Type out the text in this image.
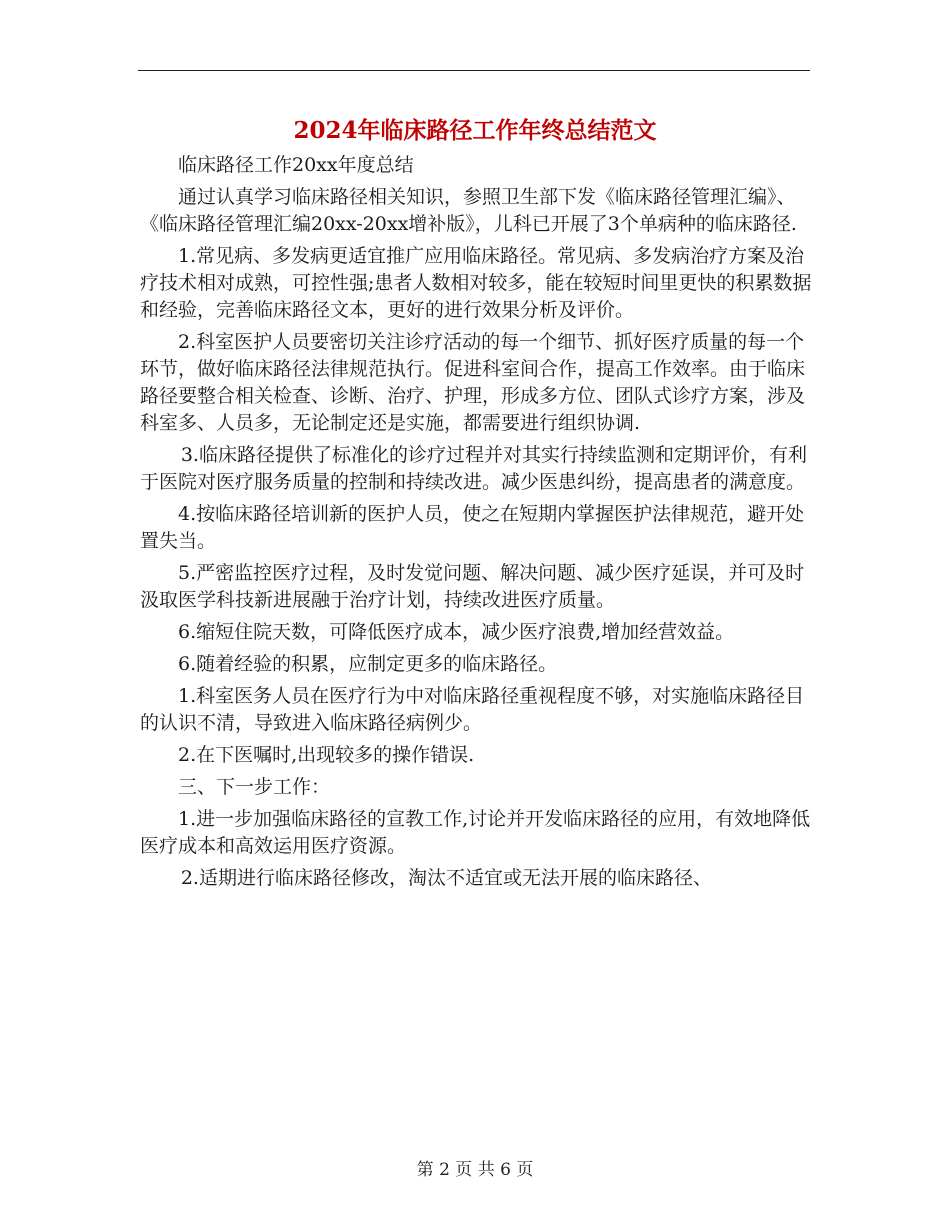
2024年临床路径工作年终总结范文

临床路径工作20xx年度总结

通过认真学习临床路径相关知识，参照卫生部下发《临床路径管理汇编》、《临床路径管理汇编20xx-20xx增补版》，儿科已开展了3个单病种的临床路径.

1.常见病、多发病更适宜推广应用临床路径。常见病、多发病治疗方案及治疗技术相对成熟，可控性强;患者人数相对较多，能在较短时间里更快的积累数据和经验，完善临床路径文本，更好的进行效果分析及评价。

2.科室医护人员要密切关注诊疗活动的每一个细节、抓好医疗质量的每一个环节，做好临床路径法律规范执行。促进科室间合作，提高工作效率。由于临床路径要整合相关检查、诊断、治疗、护理，形成多方位、团队式诊疗方案，涉及科室多、人员多，无论制定还是实施，都需要进行组织协调.

3.临床路径提供了标准化的诊疗过程并对其实行持续监测和定期评价，有利于医院对医疗服务质量的控制和持续改进。减少医患纠纷，提高患者的满意度。

4.按临床路径培训新的医护人员，使之在短期内掌握医护法律规范，避开处置失当。

5.严密监控医疗过程，及时发觉问题、解决问题、减少医疗延误，并可及时汲取医学科技新进展融于治疗计划，持续改进医疗质量。

6.缩短住院天数，可降低医疗成本，减少医疗浪费,增加经营效益。

6.随着经验的积累，应制定更多的临床路径。

1.科室医务人员在医疗行为中对临床路径重视程度不够，对实施临床路径目的认识不清，导致进入临床路径病例少。

2.在下医嘱时,出现较多的操作错误.

三、下一步工作：

1.进一步加强临床路径的宣教工作,讨论并开发临床路径的应用，有效地降低医疗成本和高效运用医疗资源。

2.适期进行临床路径修改，淘汰不适宜或无法开展的临床路径、

第 2 页 共 6 页
